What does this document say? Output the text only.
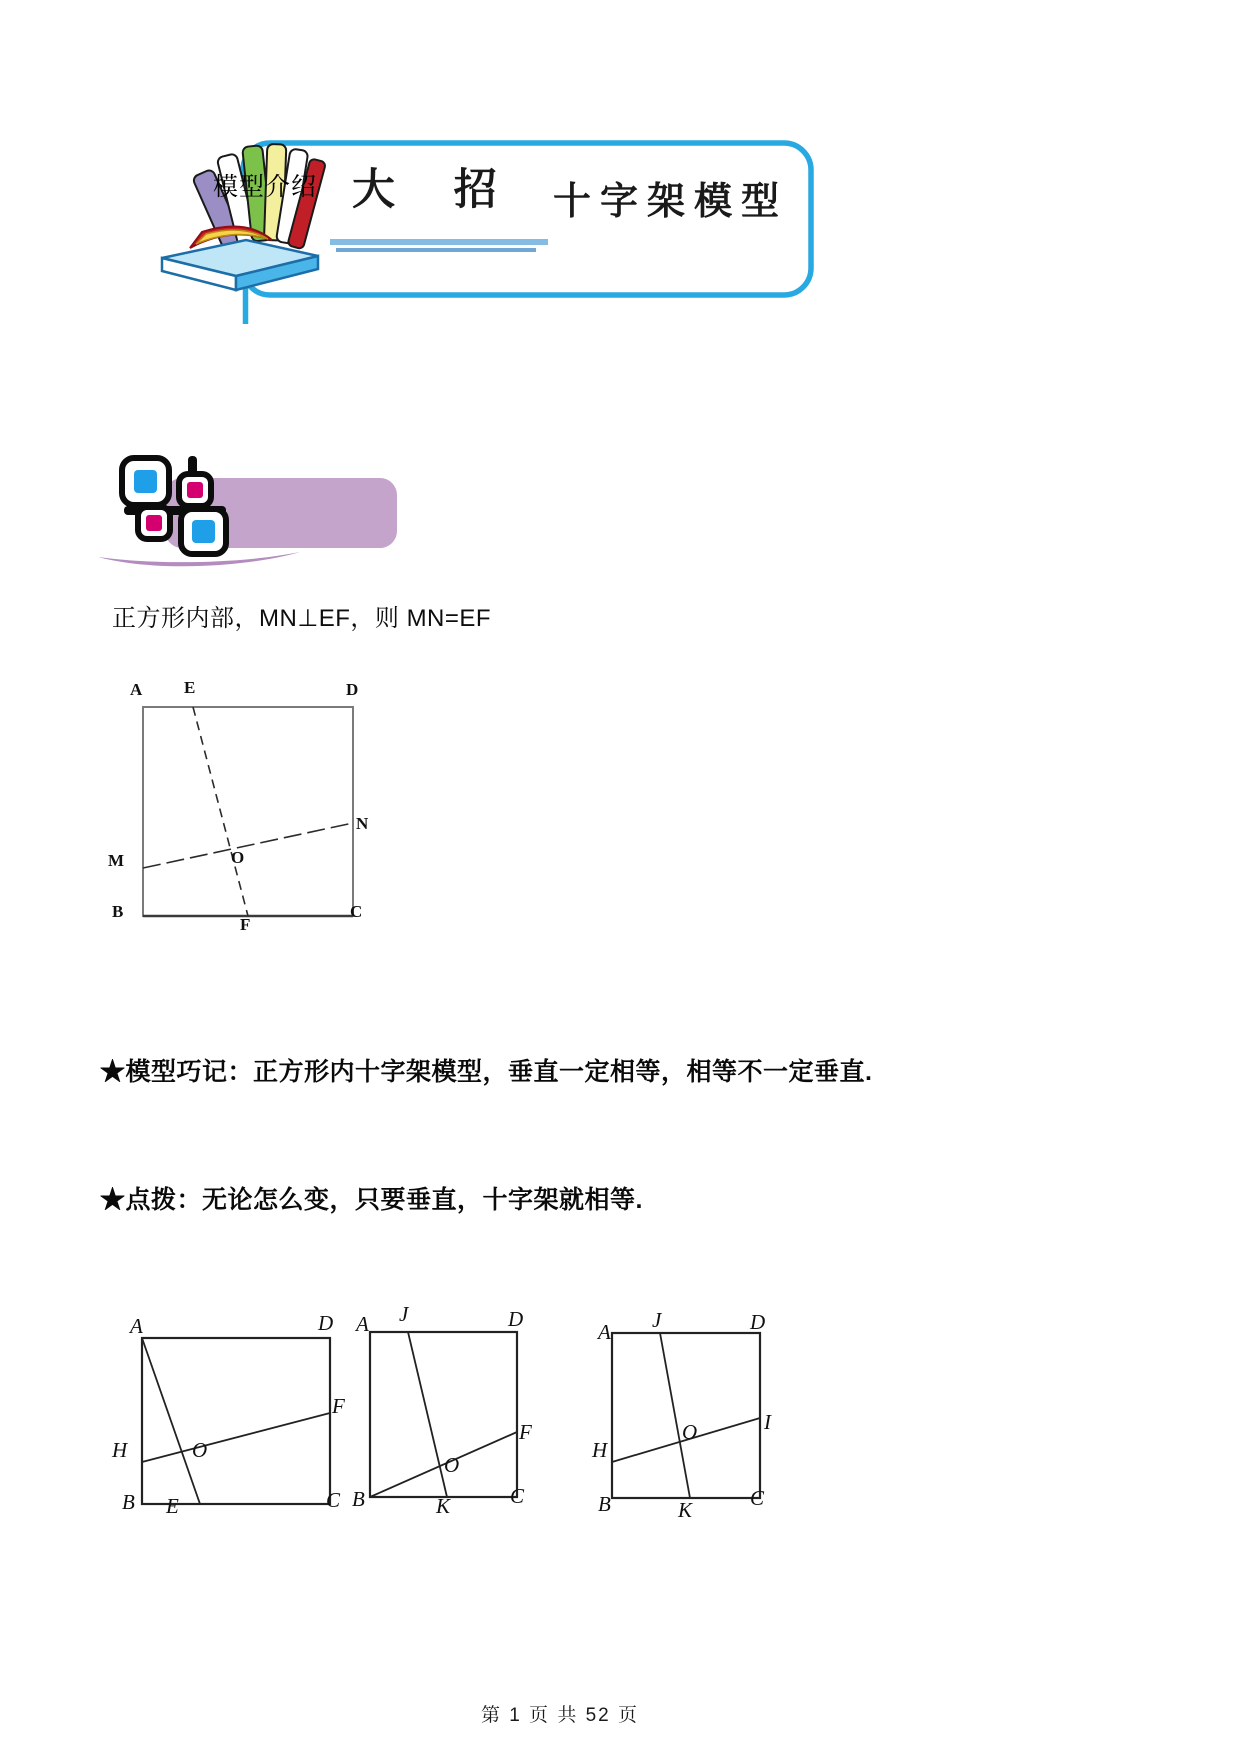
模型介绍 大 招 十字架模型

正方形内部，MN⊥EF，则 MN=EF

A E	D
N
M	O
B
F
C

★模型巧记：正方形内十字架模型，垂直一定相等，相等不一定垂直.

★点拨：无论怎么变，只要垂直，十字架就相等.

A	D
F
H	O
B E	C
A J	D
F
O
B	K	C
A J	D
I
H
O
B	K	C
第 1 页 共 52 页
